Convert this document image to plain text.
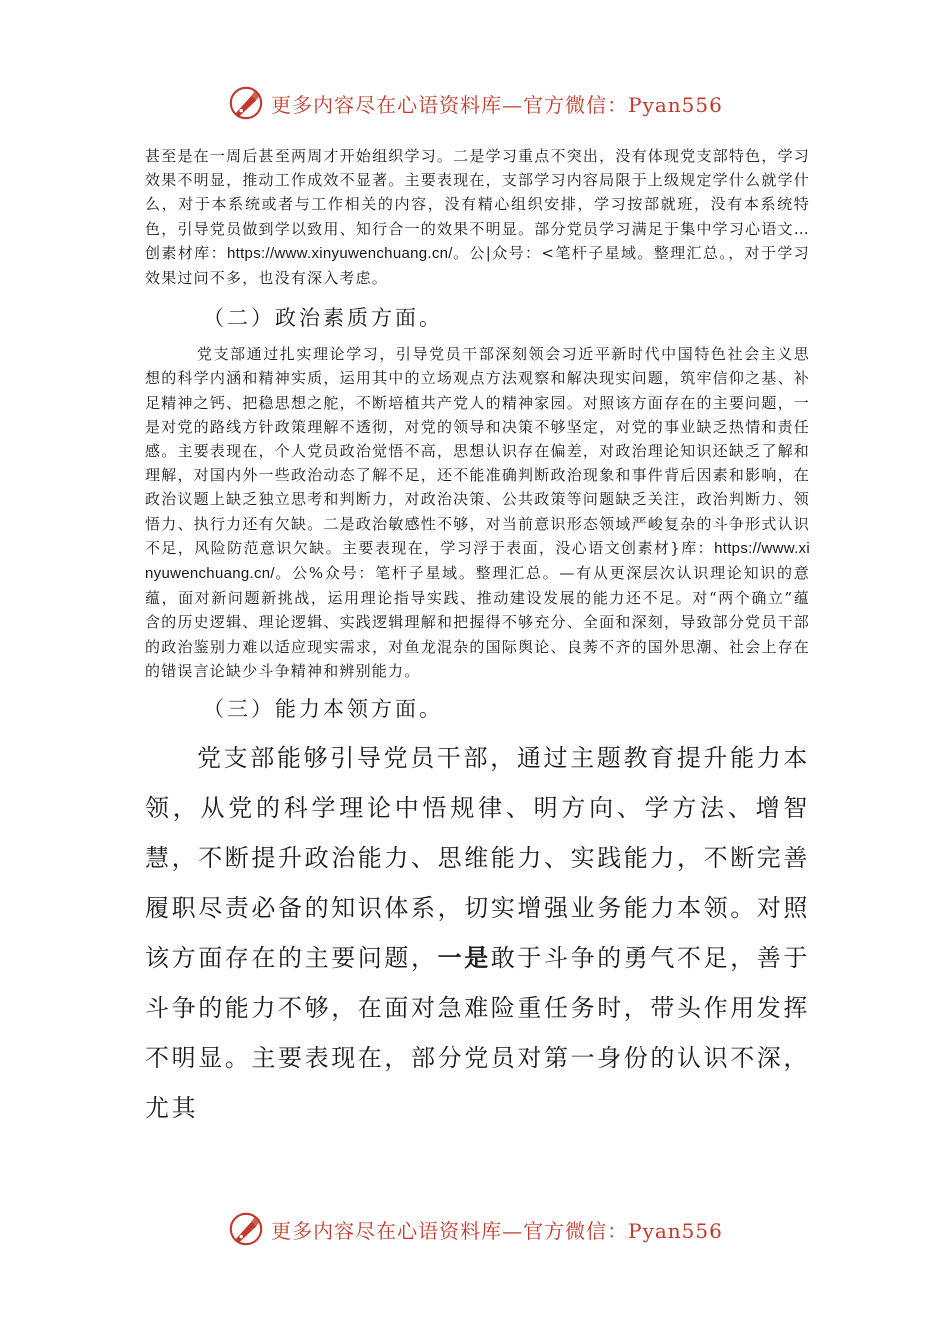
更多内容尽在心语资料库—官方微信：Pyan556

甚至是在一周后甚至两周才开始组织学习。二是学习重点不突出，没有体现党支部特色，学习效果不明显，推动工作成效不显著。主要表现在，支部学习内容局限于上级规定学什么就学什么，对于本系统或者与工作相关的内容，没有精心组织安排，学习按部就班，没有本系统特色，引导党员做到学以致用、知行合一的效果不明显。部分党员学习满足于集中学习心语文…创素材库：https://www.xinyuwenchuang.cn/。公|众号：<笔杆子星域。整理汇总。，对于学习效果过问不多，也没有深入考虑。

（二）政治素质方面。

党支部通过扎实理论学习，引导党员干部深刻领会习近平新时代中国特色社会主义思想的科学内涵和精神实质，运用其中的立场观点方法观察和解决现实问题，筑牢信仰之基、补足精神之钙、把稳思想之舵，不断培植共产党人的精神家园。对照该方面存在的主要问题，一是对党的路线方针政策理解不透彻，对党的领导和决策不够坚定，对党的事业缺乏热情和责任感。主要表现在，个人党员政治觉悟不高，思想认识存在偏差，对政治理论知识还缺乏了解和理解，对国内外一些政治动态了解不足，还不能准确判断政治现象和事件背后因素和影响，在政治议题上缺乏独立思考和判断力，对政治决策、公共政策等问题缺乏关注，政治判断力、领悟力、执行力还有欠缺。二是政治敏感性不够，对当前意识形态领域严峻复杂的斗争形式认识不足，风险防范意识欠缺。主要表现在，学习浮于表面，没心语文创素材}库：https://www.xinyuwenchuang.cn/。公%众号：笔杆子星域。整理汇总。—有从更深层次认识理论知识的意蕴，面对新问题新挑战，运用理论指导实践、推动建设发展的能力还不足。对“两个确立”蕴含的历史逻辑、理论逻辑、实践逻辑理解和把握得不够充分、全面和深刻，导致部分党员干部的政治鉴别力难以适应现实需求，对鱼龙混杂的国际舆论、良莠不齐的国外思潮、社会上存在的错误言论缺少斗争精神和辨别能力。

（三）能力本领方面。

党支部能够引导党员干部，通过主题教育提升能力本领，从党的科学理论中悟规律、明方向、学方法、增智慧，不断提升政治能力、思维能力、实践能力，不断完善履职尽责必备的知识体系，切实增强业务能力本领。对照该方面存在的主要问题，一是敢于斗争的勇气不足，善于斗争的能力不够，在面对急难险重任务时，带头作用发挥不明显。主要表现在，部分党员对第一身份的认识不深，尤其

更多内容尽在心语资料库—官方微信：Pyan556
